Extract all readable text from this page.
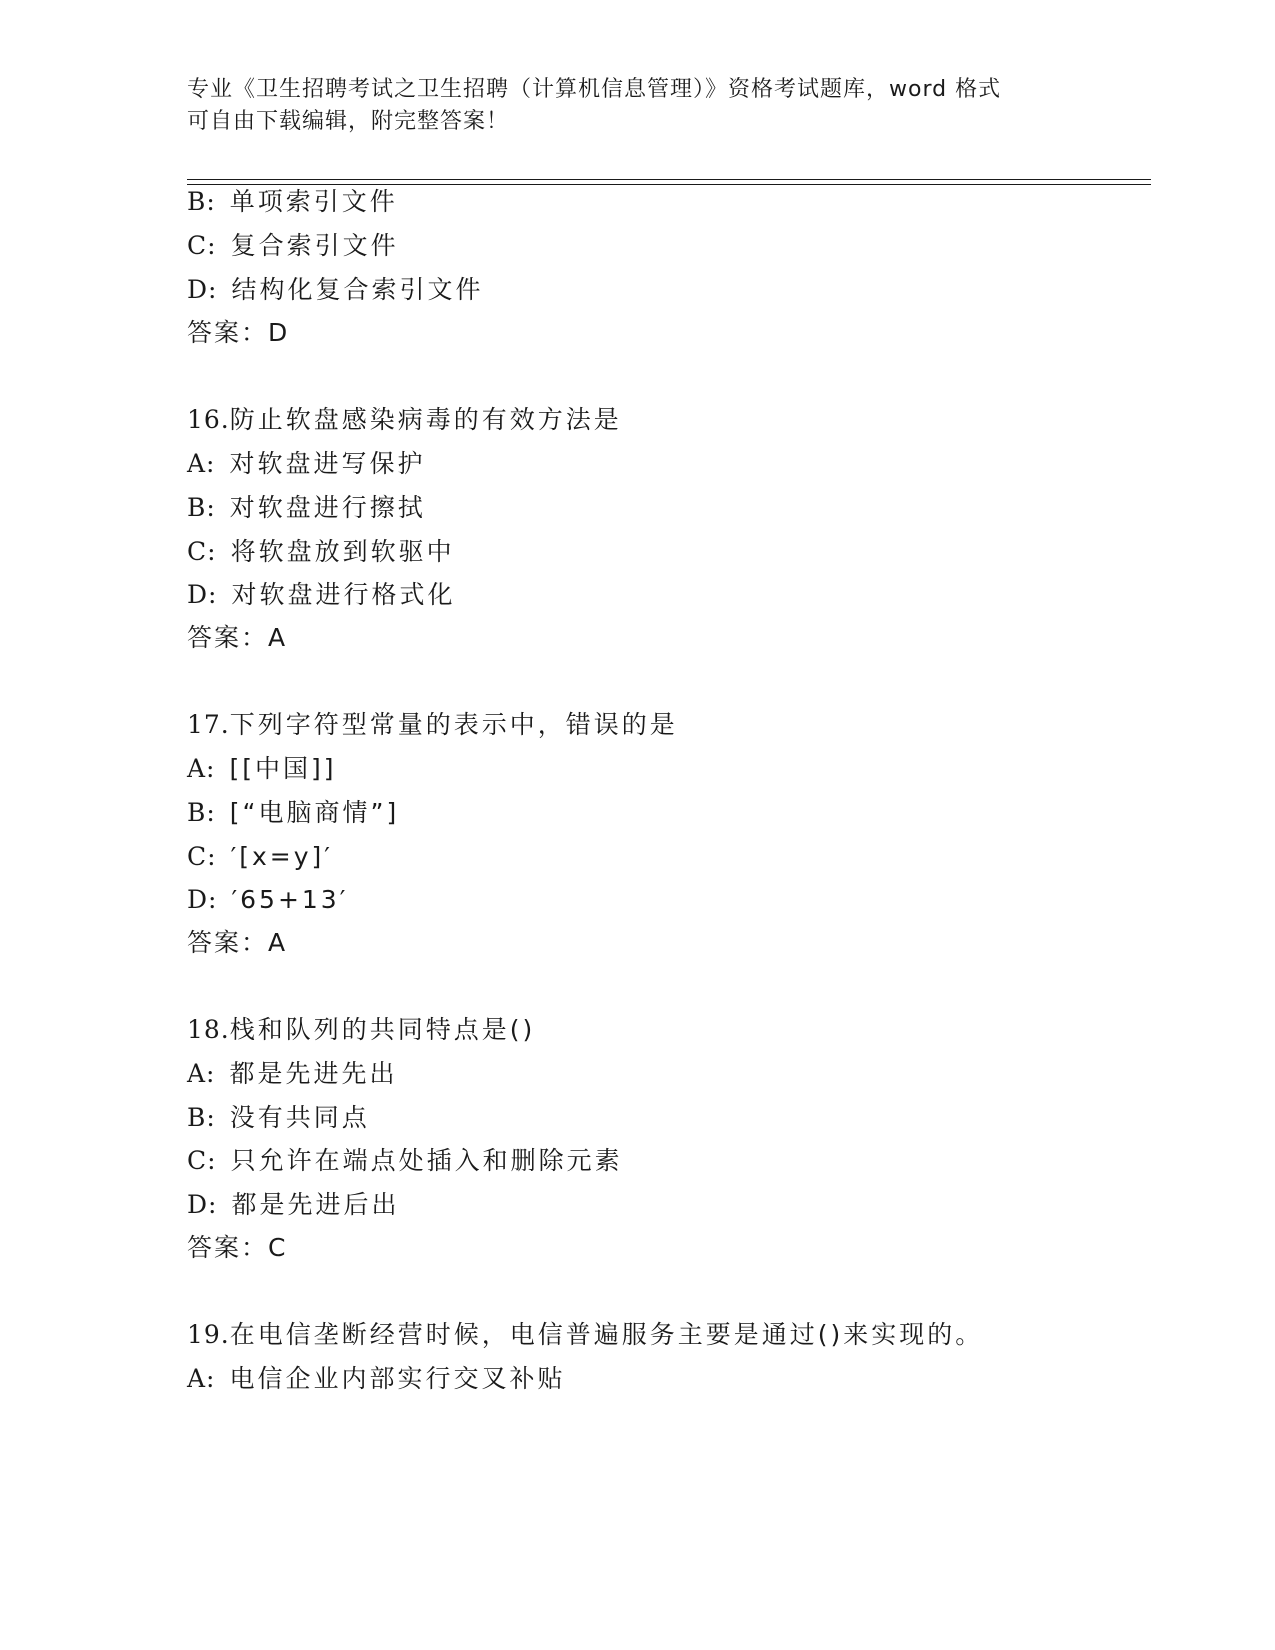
专业《卫生招聘考试之卫生招聘（计算机信息管理）》资格考试题库，word 格式
可自由下载编辑，附完整答案！
B: 单项索引文件
C: 复合索引文件
D: 结构化复合索引文件
答案：D
16.防止软盘感染病毒的有效方法是
A: 对软盘进写保护
B: 对软盘进行擦拭
C: 将软盘放到软驱中
D: 对软盘进行格式化
答案：A
17.下列字符型常量的表示中，错误的是
A: [[中国]]
B: [“电脑商情”]
C: ′[x=y]′
D: ′65+13′
答案：A
18.栈和队列的共同特点是()
A: 都是先进先出
B: 没有共同点
C: 只允许在端点处插入和删除元素
D: 都是先进后出
答案：C
19.在电信垄断经营时候，电信普遍服务主要是通过()来实现的。
A: 电信企业内部实行交叉补贴
